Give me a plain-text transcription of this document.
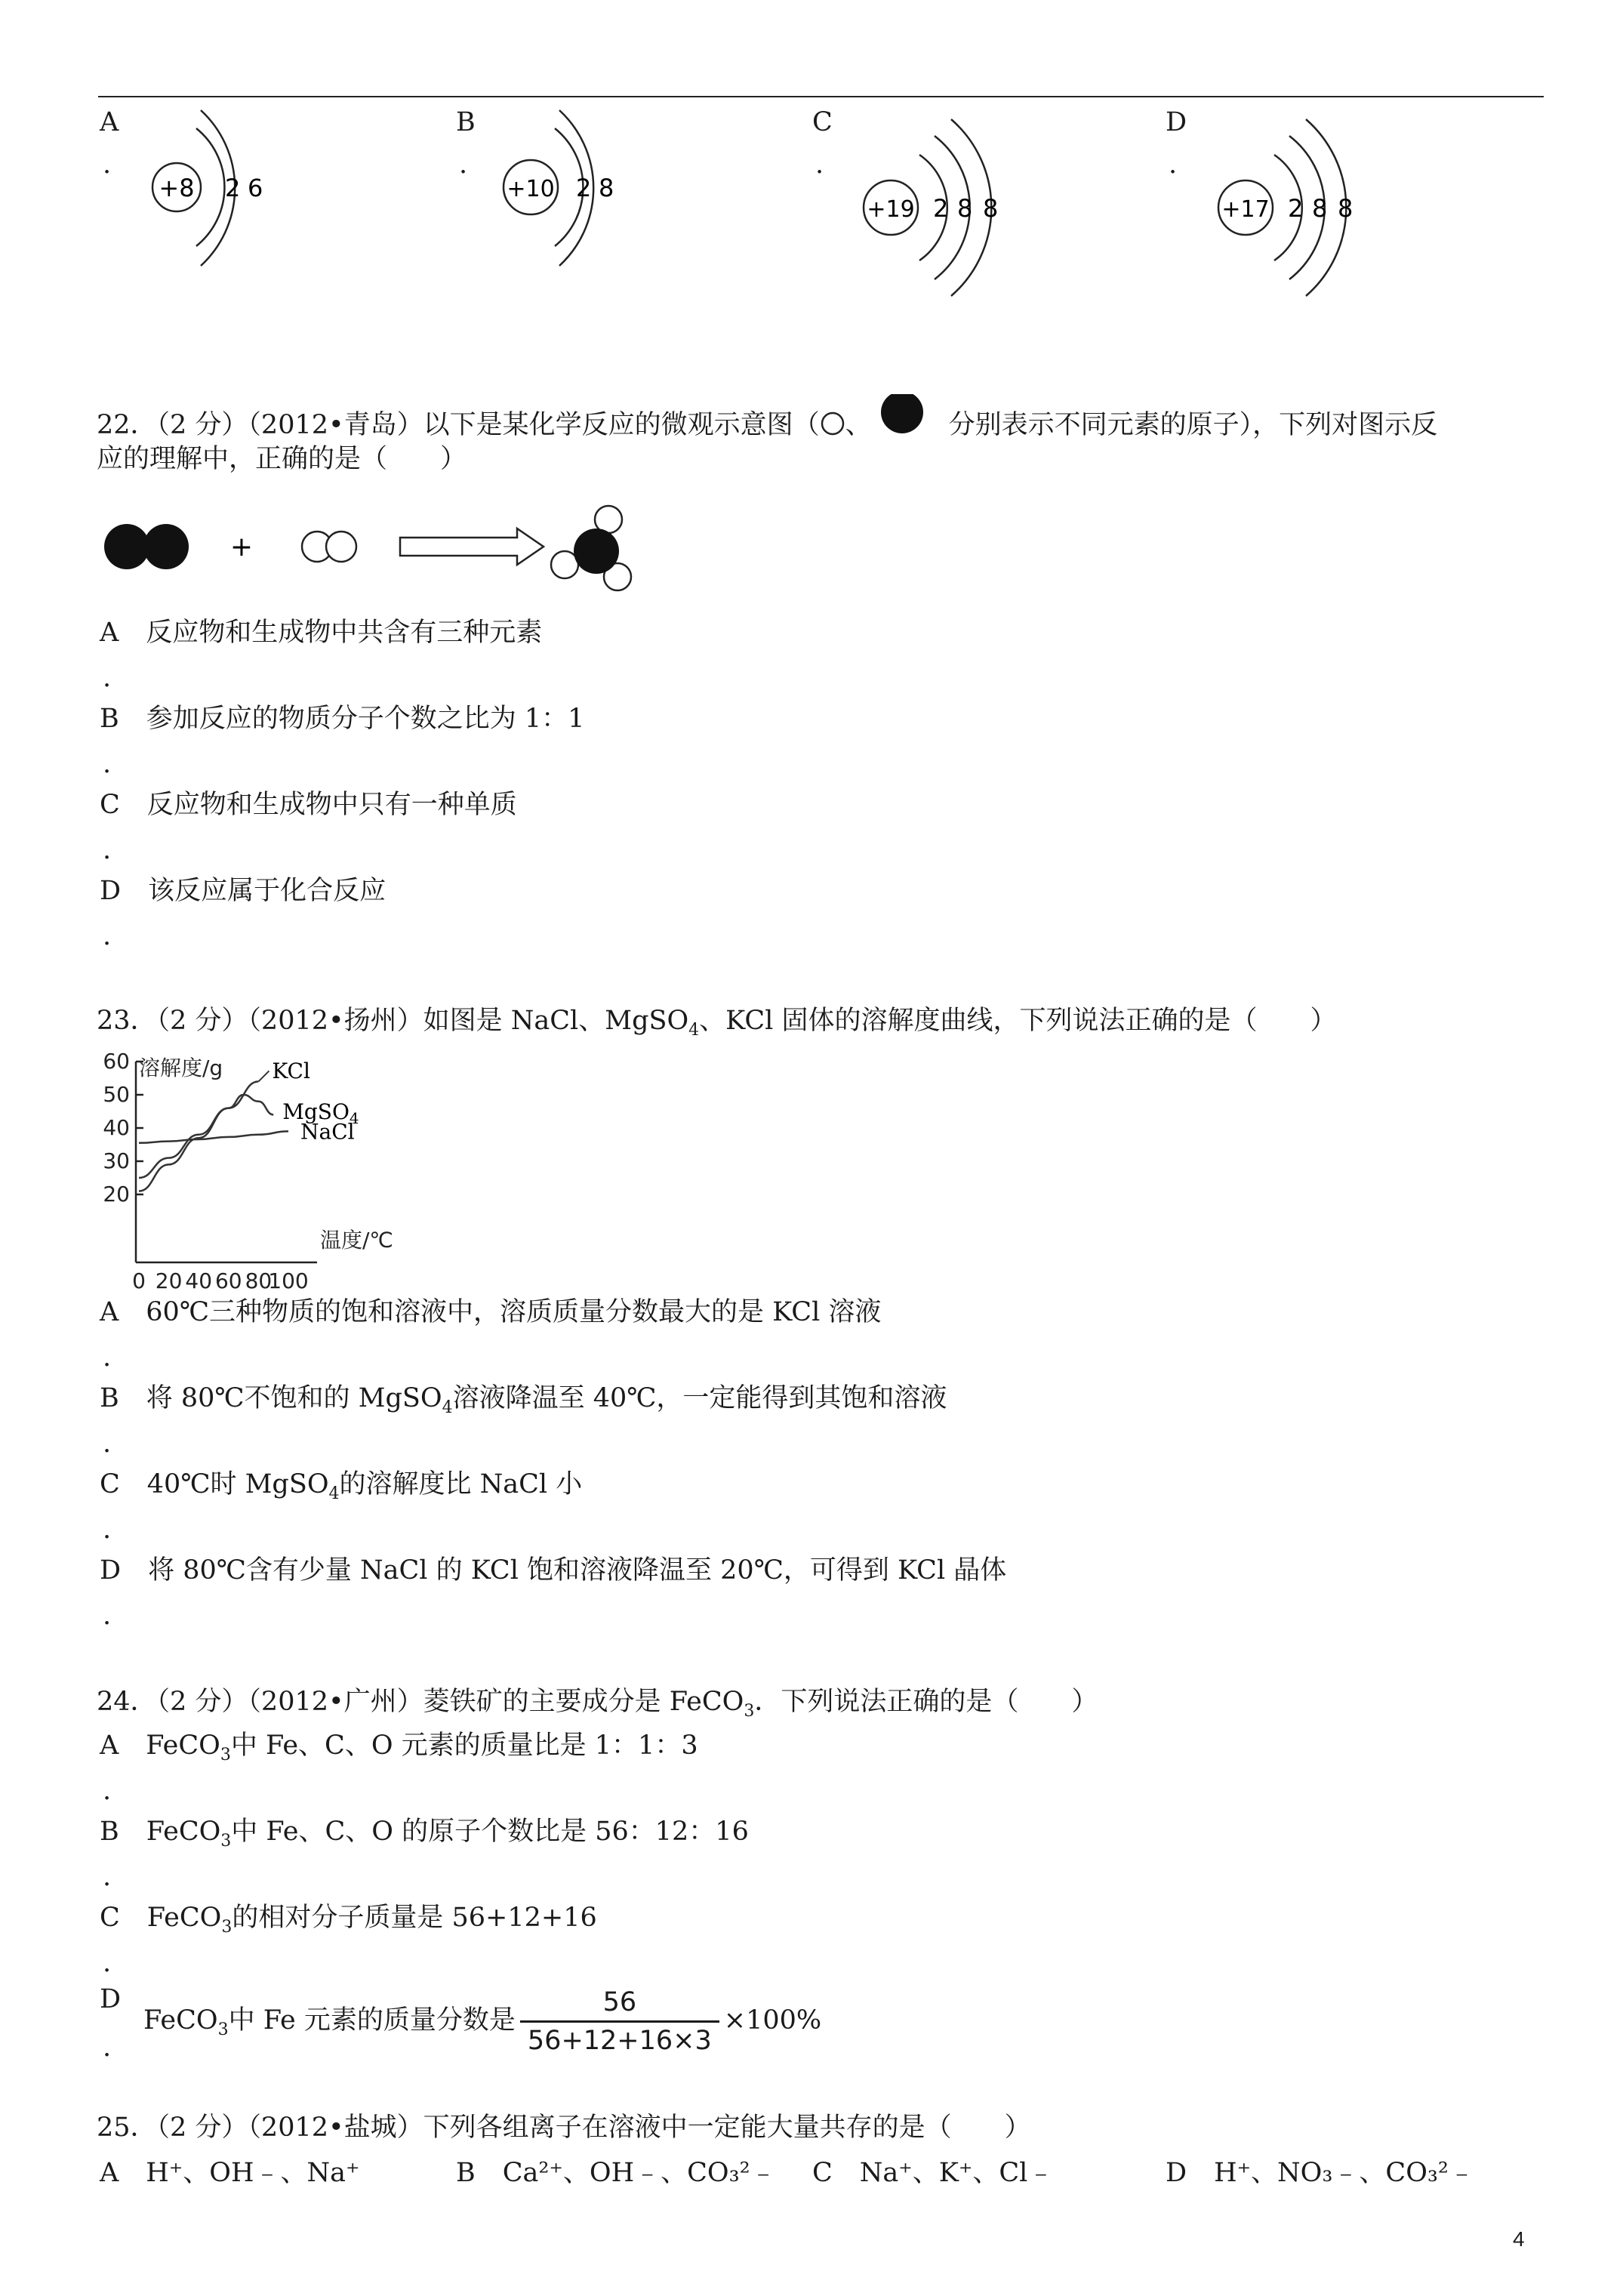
A
.
+8 2 6
B
.
+10 2 8
C
.
+19 2 8 8
D
.
+17 2 8 8
22．（2 分）（2012•青岛）以下是某化学反应的微观示意图（ 、	分别表示不同元素的原子），下列对图示反
应的理解中，正确的是（　　）
+
A 反应物和生成物中共含有三种元素
.
B 参加反应的物质分子个数之比为 1：1
.
C 反应物和生成物中只有一种单质
.
D 该反应属于化合反应
.
23．（2 分）（2012•扬州）如图是 NaCl、MgSO$_4$、KCl 固体的溶解度曲线，下列说法正确的是（　　）
溶解度/g
温度/℃
20
30
40
50
60
0 20 40 60 80
100
KCl
MgSO$_4$
NaCl
A 60℃三种物质的饱和溶液中，溶质质量分数最大的是 KCl 溶液
.
B 将 80℃不饱和的 MgSO$_4$溶液降温至 40℃，一定能得到其饱和溶液
.
C 40℃时 MgSO$_4$的溶解度比 NaCl 小
.
D 将 80℃含有少量 NaCl 的 KCl 饱和溶液降温至 20℃，可得到 KCl 晶体
.
24．（2 分）（2012•广州）菱铁矿的主要成分是 FeCO$_3$．下列说法正确的是（　　）
A FeCO$_3$中 Fe、C、O 元素的质量比是 1：1：3
.
B FeCO$_3$中 Fe、C、O 的原子个数比是 56：12：16
.
C FeCO$_3$的相对分子质量是 56+12+16
.
D
FeCO$_3$中 Fe 元素的质量分数是 $\frac{56}{56+12+16\times 3} \times 100\%$
.
25．（2 分）（2012•盐城）下列各组离子在溶液中一定能大量共存的是（　　）
A H⁺、OH﹣、Na⁺	B Ca²⁺、OH﹣、CO₃²﹣ C Na⁺、K⁺、Cl﹣	D H⁺、NO₃﹣、CO₃²﹣
4
